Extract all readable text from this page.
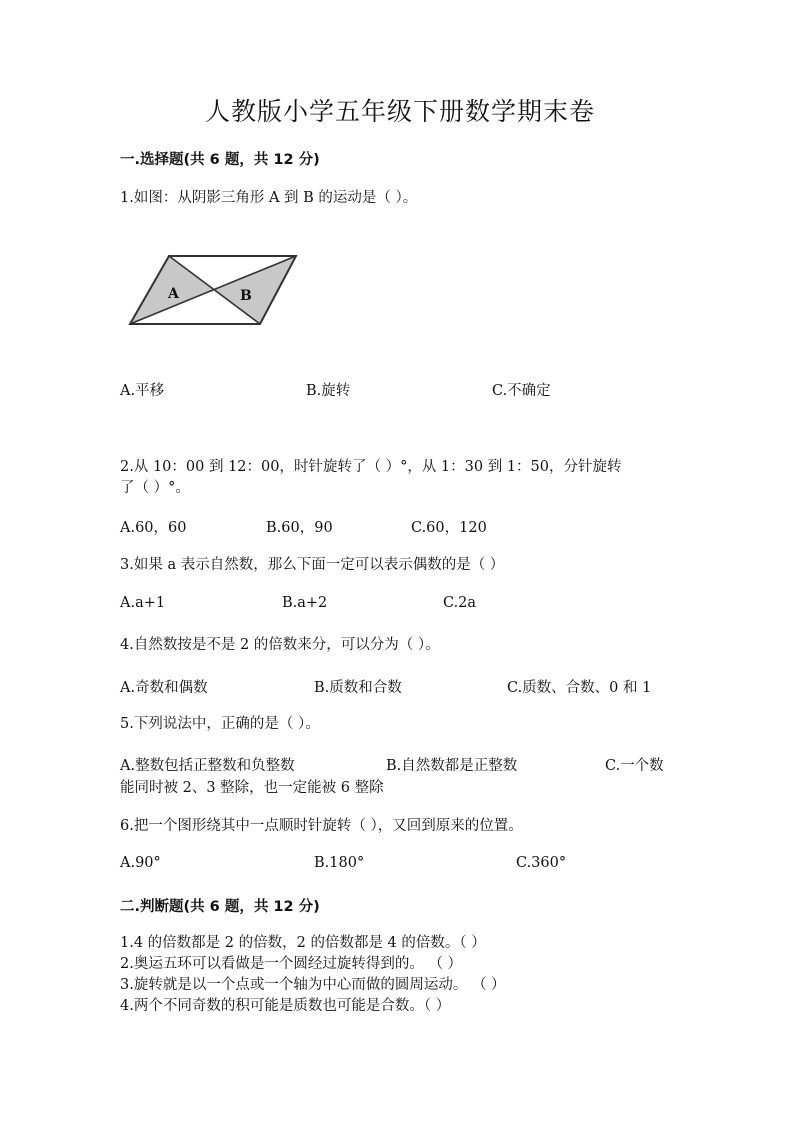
人教版小学五年级下册数学期末卷
一.选择题(共 6 题，共 12 分)
1.如图：从阴影三角形 A 到 B 的运动是（ ）。
A	B
A.平移	B.旋转	C.不确定
2.从 10：00 到 12：00，时针旋转了（ ）°，从 1：30 到 1：50，分针旋转
了（ ）°。
A.60，60	B.60，90	C.60，120
3.如果 a 表示自然数，那么下面一定可以表示偶数的是（ ）
A.a+1	B.a+2	C.2a
4.自然数按是不是 2 的倍数来分，可以分为（ ）。
A.奇数和偶数	B.质数和合数	C.质数、合数、0 和 1
5.下列说法中，正确的是（ ）。
A.整数包括正整数和负整数	B.自然数都是正整数	C.一个数
能同时被 2、3 整除，也一定能被 6 整除
6.把一个图形绕其中一点顺时针旋转（ ），又回到原来的位置。
A.90°	B.180°	C.360°
二.判断题(共 6 题，共 12 分)
1.4 的倍数都是 2 的倍数，2 的倍数都是 4 的倍数。（ ）
2.奥运五环可以看做是一个圆经过旋转得到的。 （ ）
3.旋转就是以一个点或一个轴为中心而做的圆周运动。 （ ）
4.两个不同奇数的积可能是质数也可能是合数。（ ）
